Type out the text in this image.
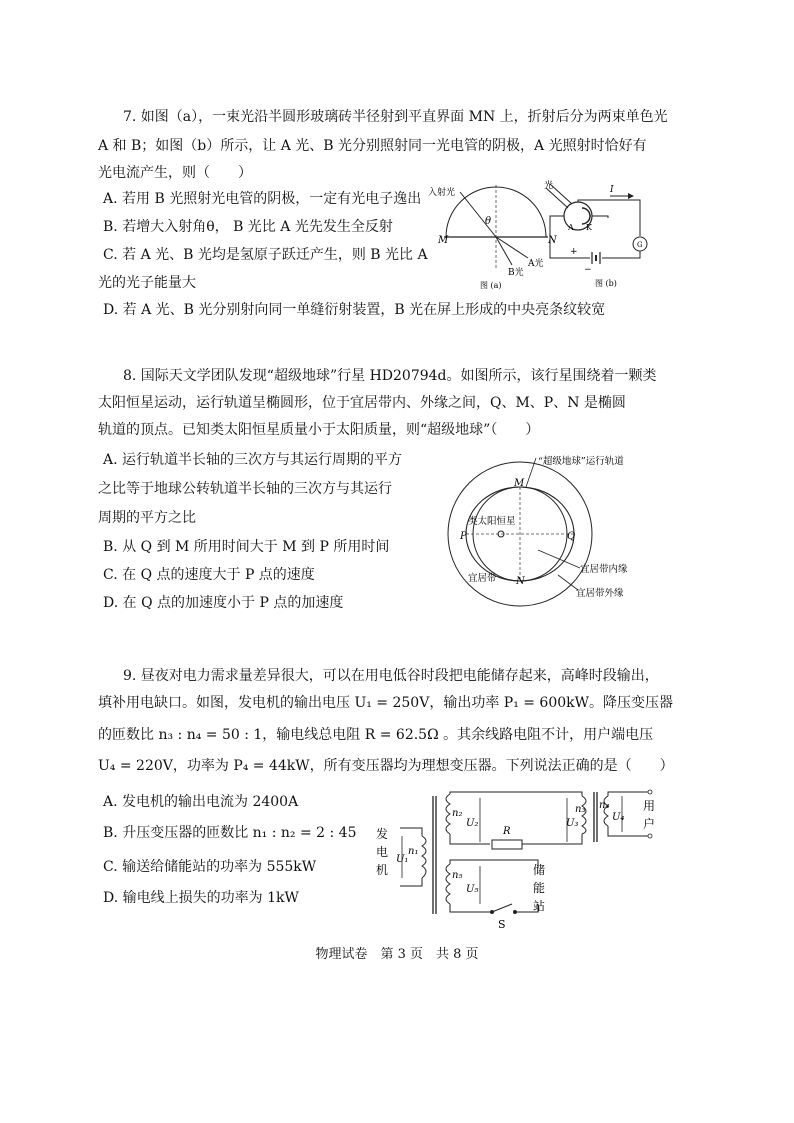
7. 如图（a），一束光沿半圆形玻璃砖半径射到平直界面 MN 上，折射后分为两束单色光
A 和 B；如图（b）所示，让 A 光、B 光分别照射同一光电管的阴极，A 光照射时恰好有
光电流产生，则（　　）
A. 若用 B 光照射光电管的阴极，一定有光电子逸出
B. 若增大入射角θ， B 光比 A 光先发生全反射
C. 若 A 光、B 光均是氢原子跃迁产生，则 B 光比 A
光的光子能量大
D. 若 A 光、B 光分别射向同一单缝衍射装置，B 光在屏上形成的中央亮条纹较宽
入射光
θ
M	N
B光
A光
图 (a)
光
A K
I
G
+
−
图 (b)
8. 国际天文学团队发现“超级地球”行星 HD20794d。如图所示，该行星围绕着一颗类
太阳恒星运动，运行轨道呈椭圆形，位于宜居带内、外缘之间，Q、M、P、N 是椭圆
轨道的顶点。已知类太阳恒星质量小于太阳质量，则“超级地球”（　　）
A. 运行轨道半长轴的三次方与其运行周期的平方
之比等于地球公转轨道半长轴的三次方与其运行
周期的平方之比
B. 从 Q 到 M 所用时间大于 M 到 P 所用时间
C. 在 Q 点的速度大于 P 点的速度
D. 在 Q 点的加速度小于 P 点的加速度
“超级地球”运行轨道
M
类太阳恒星
P	Q
N
宜居带
宜居带内缘
宜居带外缘
9. 昼夜对电力需求量差异很大，可以在用电低谷时段把电能储存起来，高峰时段输出，
填补用电缺口。如图，发电机的输出电压 U₁ = 250V，输出功率 P₁ = 600kW。降压变压器
的匝数比 n₃ : n₄ = 50 : 1，输电线总电阻 R = 62.5Ω 。其余线路电阻不计，用户端电压
U₄ = 220V，功率为 P₄ = 44kW，所有变压器均为理想变压器。下列说法正确的是（　　）
A. 发电机的输出电流为 2400A
B. 升压变压器的匝数比 n₁ : n₂ = 2 : 45
C. 输送给储能站的功率为 555kW
D. 输电线上损失的功率为 1kW
发
电
机
U₁
n₁
n₂
U₂
R
n₃
U₃
n₄
U₄
用
户
n₅
S
U₅
储
能
站
物理试卷　第 3 页　共 8 页
